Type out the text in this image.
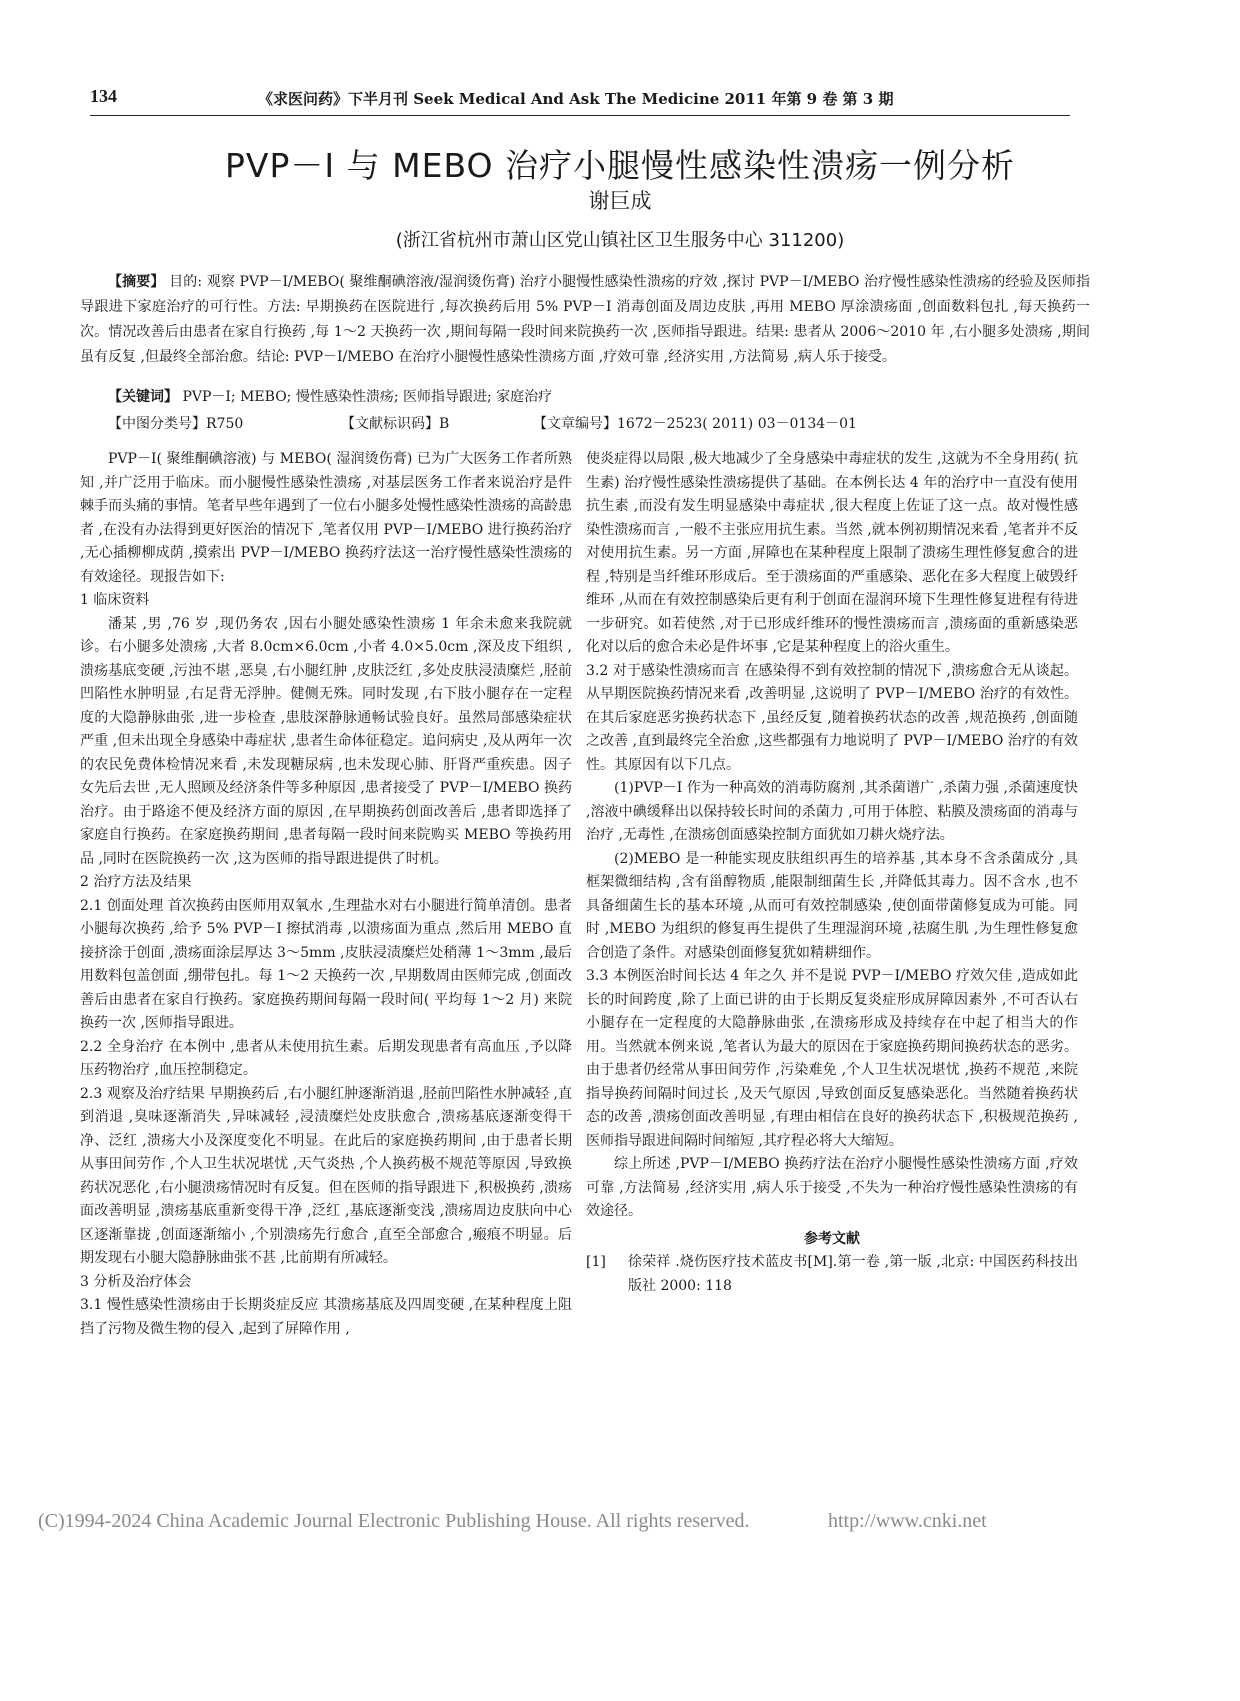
134	《求医问药》下半月刊 Seek Medical And Ask The Medicine 2011 年第 9 卷 第 3 期
PVP－I 与 MEBO 治疗小腿慢性感染性溃疡一例分析
谢巨成
(浙江省杭州市萧山区党山镇社区卫生服务中心 311200)
【摘要】 目的: 观察 PVP－I/MEBO( 聚维酮碘溶液/湿润烫伤膏) 治疗小腿慢性感染性溃疡的疗效 ,探讨 PVP－I/MEBO 治疗慢性感染性溃疡的经验及医师指导跟进下家庭治疗的可行性。方法: 早期换药在医院进行 ,每次换药后用 5% PVP－I 消毒创面及周边皮肤 ,再用 MEBO 厚涂溃疡面 ,创面数料包扎 ,每天换药一次。情况改善后由患者在家自行换药 ,每 1～2 天换药一次 ,期间每隔一段时间来院换药一次 ,医师指导跟进。结果: 患者从 2006～2010 年 ,右小腿多处溃疡 ,期间虽有反复 ,但最终全部治愈。结论: PVP－I/MEBO 在治疗小腿慢性感染性溃疡方面 ,疗效可靠 ,经济实用 ,方法简易 ,病人乐于接受。
【关键词】 PVP－I; MEBO; 慢性感染性溃疡; 医师指导跟进; 家庭治疗
【中图分类号】R750	【文献标识码】B	【文章编号】1672－2523( 2011) 03－0134－01

PVP－I( 聚维酮碘溶液) 与 MEBO( 湿润烫伤膏) 已为广大医务工作者所熟知 ,并广泛用于临床。而小腿慢性感染性溃疡 ,对基层医务工作者来说治疗是件棘手而头痛的事情。笔者早些年遇到了一位右小腿多处慢性感染性溃疡的高龄患者 ,在没有办法得到更好医治的情况下 ,笔者仅用 PVP－I/MEBO 进行换药治疗 ,无心插柳柳成荫 ,摸索出 PVP－I/MEBO 换药疗法这一治疗慢性感染性溃疡的有效途径。现报告如下:

1 临床资料

潘某 ,男 ,76 岁 ,现仍务农 ,因右小腿处感染性溃疡 1 年余未愈来我院就诊。右小腿多处溃疡 ,大者 8.0cm×6.0cm ,小者 4.0×5.0cm ,深及皮下组织 ,溃疡基底变硬 ,污浊不堪 ,恶臭 ,右小腿红肿 ,皮肤泛红 ,多处皮肤浸渍糜烂 ,胫前凹陷性水肿明显 ,右足背无浮肿。健侧无殊。同时发现 ,右下肢小腿存在一定程度的大隐静脉曲张 ,进一步检查 ,患肢深静脉通畅试验良好。虽然局部感染症状严重 ,但未出现全身感染中毒症状 ,患者生命体征稳定。追问病史 ,及从两年一次的农民免费体检情况来看 ,未发现糖尿病 ,也未发现心肺、肝肾严重疾患。因子女先后去世 ,无人照顾及经济条件等多种原因 ,患者接受了 PVP－I/MEBO 换药治疗。由于路途不便及经济方面的原因 ,在早期换药创面改善后 ,患者即选择了家庭自行换药。在家庭换药期间 ,患者每隔一段时间来院购买 MEBO 等换药用品 ,同时在医院换药一次 ,这为医师的指导跟进提供了时机。

2 治疗方法及结果

2.1 创面处理 首次换药由医师用双氧水 ,生理盐水对右小腿进行简单清创。患者小腿每次换药 ,给予 5% PVP－I 擦拭消毒 ,以溃疡面为重点 ,然后用 MEBO 直接挤涂于创面 ,溃疡面涂层厚达 3～5mm ,皮肤浸渍糜烂处稍薄 1～3mm ,最后用数料包盖创面 ,绷带包扎。每 1～2 天换药一次 ,早期数周由医师完成 ,创面改善后由患者在家自行换药。家庭换药期间每隔一段时间( 平均每 1～2 月) 来院换药一次 ,医师指导跟进。

2.2 全身治疗 在本例中 ,患者从未使用抗生素。后期发现患者有高血压 ,予以降压药物治疗 ,血压控制稳定。

2.3 观察及治疗结果 早期换药后 ,右小腿红肿逐渐消退 ,胫前凹陷性水肿减轻 ,直到消退 ,臭味逐渐消失 ,异味减轻 ,浸渍糜烂处皮肤愈合 ,溃疡基底逐渐变得干净、泛红 ,溃疡大小及深度变化不明显。在此后的家庭换药期间 ,由于患者长期从事田间劳作 ,个人卫生状况堪忧 ,天气炎热 ,个人换药极不规范等原因 ,导致换药状况恶化 ,右小腿溃疡情况时有反复。但在医师的指导跟进下 ,积极换药 ,溃疡面改善明显 ,溃疡基底重新变得干净 ,泛红 ,基底逐渐变浅 ,溃疡周边皮肤向中心区逐渐靠拢 ,创面逐渐缩小 ,个别溃疡先行愈合 ,直至全部愈合 ,瘢痕不明显。后期发现右小腿大隐静脉曲张不甚 ,比前期有所减轻。

3 分析及治疗体会

3.1 慢性感染性溃疡由于长期炎症反应 其溃疡基底及四周变硬 ,在某种程度上阻挡了污物及微生物的侵入 ,起到了屏障作用 ,

使炎症得以局限 ,极大地减少了全身感染中毒症状的发生 ,这就为不全身用药( 抗生素) 治疗慢性感染性溃疡提供了基础。在本例长达 4 年的治疗中一直没有使用抗生素 ,而没有发生明显感染中毒症状 ,很大程度上佐证了这一点。故对慢性感染性溃疡而言 ,一般不主张应用抗生素。当然 ,就本例初期情况来看 ,笔者并不反对使用抗生素。另一方面 ,屏障也在某种程度上限制了溃疡生理性修复愈合的进程 ,特别是当纤维环形成后。至于溃疡面的严重感染、恶化在多大程度上破毁纤维环 ,从而在有效控制感染后更有利于创面在湿润环境下生理性修复进程有待进一步研究。如若使然 ,对于已形成纤维环的慢性溃疡而言 ,溃疡面的重新感染恶化对以后的愈合未必是件坏事 ,它是某种程度上的浴火重生。

3.2 对于感染性溃疡而言 在感染得不到有效控制的情况下 ,溃疡愈合无从谈起。从早期医院换药情况来看 ,改善明显 ,这说明了 PVP－I/MEBO 治疗的有效性。在其后家庭恶劣换药状态下 ,虽经反复 ,随着换药状态的改善 ,规范换药 ,创面随之改善 ,直到最终完全治愈 ,这些都强有力地说明了 PVP－I/MEBO 治疗的有效性。其原因有以下几点。

(1)PVP－I 作为一种高效的消毒防腐剂 ,其杀菌谱广 ,杀菌力强 ,杀菌速度快 ,溶液中碘缓释出以保持较长时间的杀菌力 ,可用于体腔、粘膜及溃疡面的消毒与治疗 ,无毒性 ,在溃疡创面感染控制方面犹如刀耕火烧疗法。

(2)MEBO 是一种能实现皮肤组织再生的培养基 ,其本身不含杀菌成分 ,具框架微细结构 ,含有甾醇物质 ,能限制细菌生长 ,并降低其毒力。因不含水 ,也不具备细菌生长的基本环境 ,从而可有效控制感染 ,使创面带菌修复成为可能。同时 ,MEBO 为组织的修复再生提供了生理湿润环境 ,祛腐生肌 ,为生理性修复愈合创造了条件。对感染创面修复犹如精耕细作。

3.3 本例医治时间长达 4 年之久 并不是说 PVP－I/MEBO 疗效欠佳 ,造成如此长的时间跨度 ,除了上面已讲的由于长期反复炎症形成屏障因素外 ,不可否认右小腿存在一定程度的大隐静脉曲张 ,在溃疡形成及持续存在中起了相当大的作用。当然就本例来说 ,笔者认为最大的原因在于家庭换药期间换药状态的恶劣。由于患者仍经常从事田间劳作 ,污染难免 ,个人卫生状况堪忧 ,换药不规范 ,来院指导换药间隔时间过长 ,及天气原因 ,导致创面反复感染恶化。当然随着换药状态的改善 ,溃疡创面改善明显 ,有理由相信在良好的换药状态下 ,积极规范换药 ,医师指导跟进间隔时间缩短 ,其疗程必将大大缩短。

综上所述 ,PVP－I/MEBO 换药疗法在治疗小腿慢性感染性溃疡方面 ,疗效可靠 ,方法简易 ,经济实用 ,病人乐于接受 ,不失为一种治疗慢性感染性溃疡的有效途径。

参考文献

[1] 徐荣祥 .烧伤医疗技术蓝皮书[M].第一卷 ,第一版 ,北京: 中国医药科技出版社 2000: 118

(C)1994-2024 China Academic Journal Electronic Publishing House. All rights reserved.	http://www.cnki.net
